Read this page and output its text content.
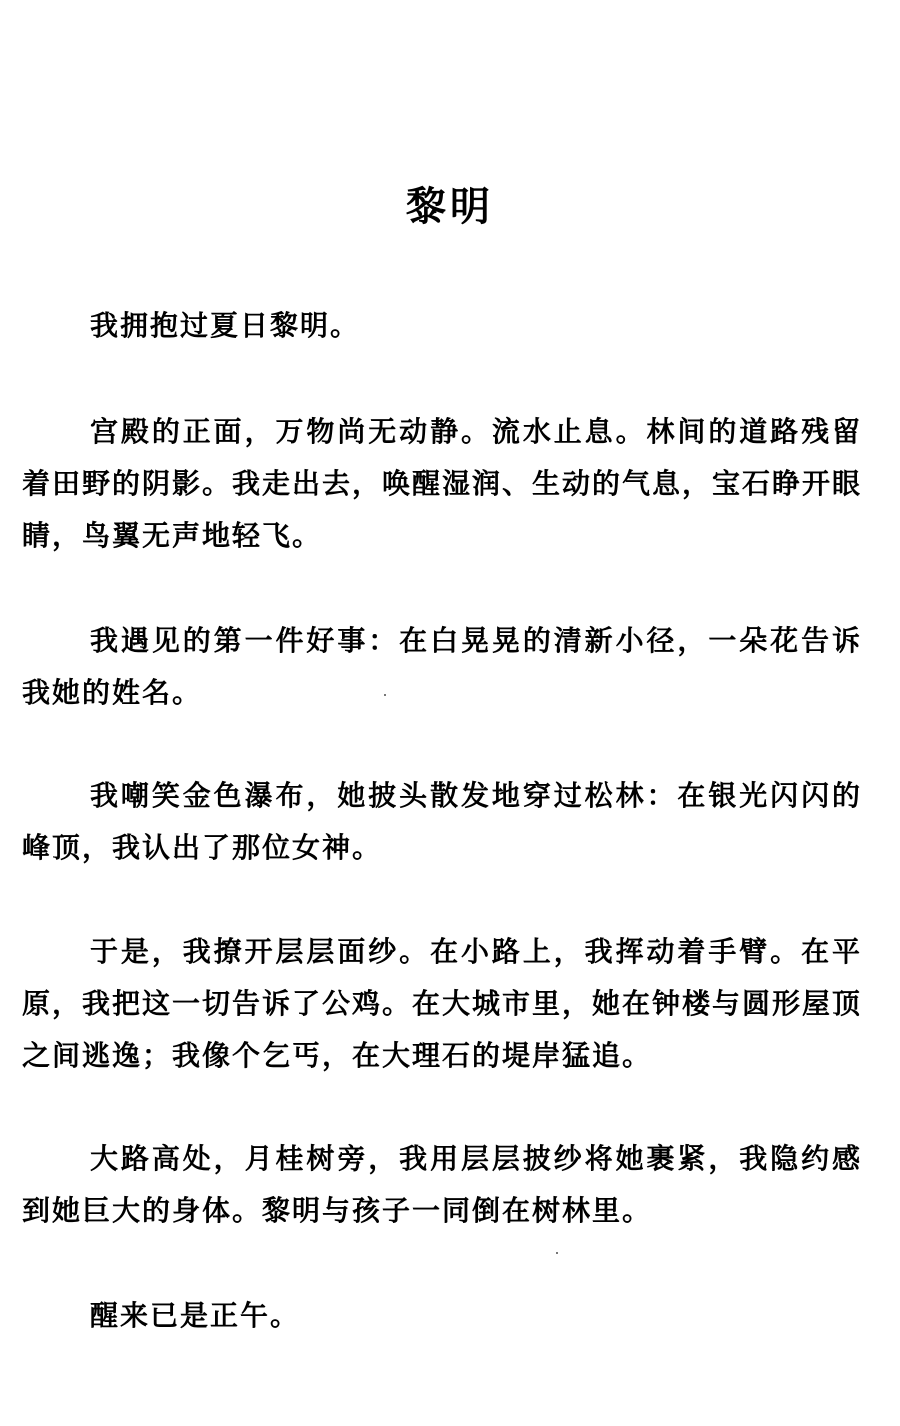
黎明

我拥抱过夏日黎明。

宫殿的正面，万物尚无动静。流水止息。林间的道路残留着田野的阴影。我走出去，唤醒湿润、生动的气息，宝石睁开眼睛，鸟翼无声地轻飞。

我遇见的第一件好事：在白晃晃的清新小径，一朵花告诉我她的姓名。

我嘲笑金色瀑布，她披头散发地穿过松林：在银光闪闪的峰顶，我认出了那位女神。

于是，我撩开层层面纱。在小路上，我挥动着手臂。在平原，我把这一切告诉了公鸡。在大城市里，她在钟楼与圆形屋顶之间逃逸；我像个乞丐，在大理石的堤岸猛追。

大路高处，月桂树旁，我用层层披纱将她裹紧，我隐约感到她巨大的身体。黎明与孩子一同倒在树林里。

醒来已是正午。
